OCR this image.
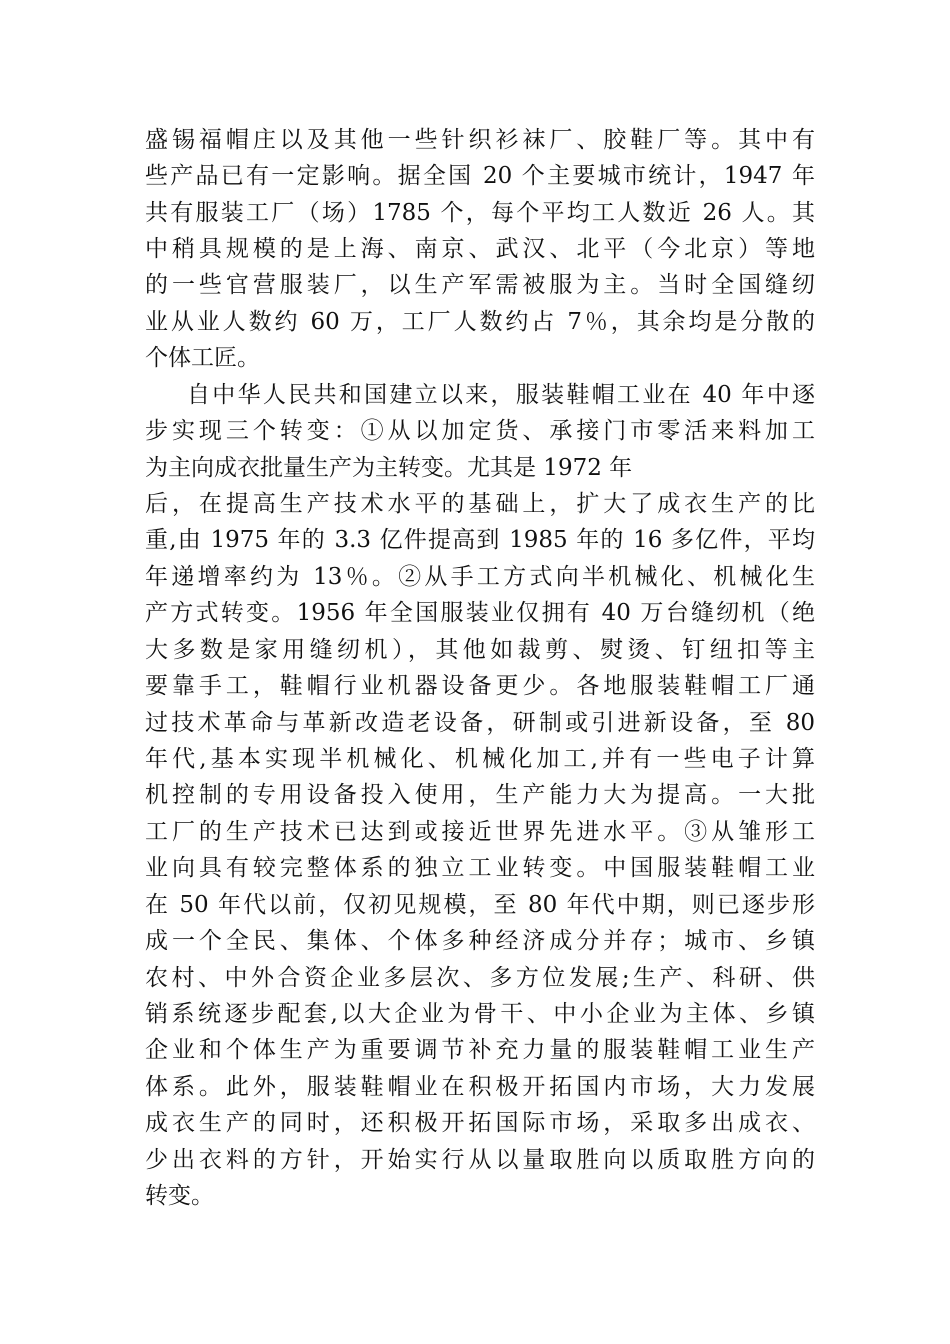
盛锡福帽庄以及其他一些针织衫袜厂、胶鞋厂等。其中有

些产品已有一定影响。据全国 20 个主要城市统计，1947 年

共有服装工厂（场）1785 个，每个平均工人数近 26 人。其

中稍具规模的是上海、南京、武汉、北平（今北京）等地

的一些官营服装厂，以生产军需被服为主。当时全国缝纫

业从业人数约 60 万，工厂人数约占 7％，其余均是分散的

个体工匠。

自中华人民共和国建立以来，服装鞋帽工业在 40 年中逐

步实现三个转变：①从以加定货、承接门市零活来料加工

为主向成衣批量生产为主转变。尤其是 1972 年

后，在提高生产技术水平的基础上，扩大了成衣生产的比

重,由 1975 年的 3.3 亿件提高到 1985 年的 16 多亿件，平均

年递增率约为 13％。②从手工方式向半机械化、机械化生

产方式转变。1956 年全国服装业仅拥有 40 万台缝纫机（绝

大多数是家用缝纫机），其他如裁剪、熨烫、钉纽扣等主

要靠手工，鞋帽行业机器设备更少。各地服装鞋帽工厂通

过技术革命与革新改造老设备，研制或引进新设备，至 80

年代,基本实现半机械化、机械化加工,并有一些电子计算

机控制的专用设备投入使用，生产能力大为提高。一大批

工厂的生产技术已达到或接近世界先进水平。③从雏形工

业向具有较完整体系的独立工业转变。中国服装鞋帽工业

在 50 年代以前，仅初见规模，至 80 年代中期，则已逐步形

成一个全民、集体、个体多种经济成分并存；城市、乡镇

农村、中外合资企业多层次、多方位发展;生产、科研、供

销系统逐步配套,以大企业为骨干、中小企业为主体、乡镇

企业和个体生产为重要调节补充力量的服装鞋帽工业生产

体系。此外，服装鞋帽业在积极开拓国内市场，大力发展

成衣生产的同时，还积极开拓国际市场，采取多出成衣、

少出衣料的方针，开始实行从以量取胜向以质取胜方向的

转变。
